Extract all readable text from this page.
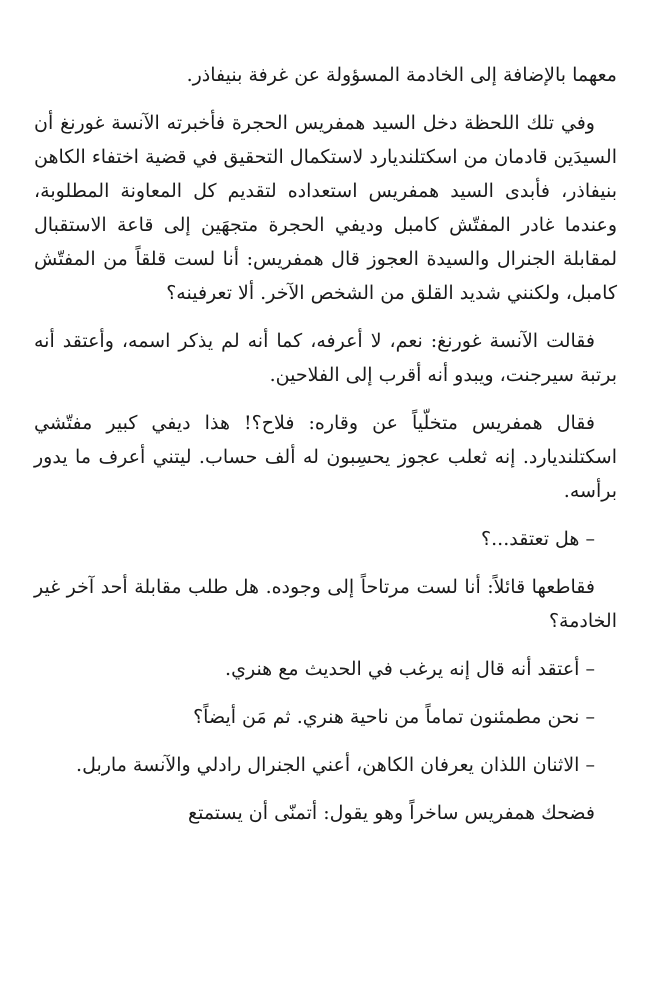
معهما بالإضافة إلى الخادمة المسؤولة عن غرفة بنيفاذر.

وفي تلك اللحظة دخل السيد همفريس الحجرة فأخبرته الآنسة غورنغ أن السيدَين قادمان من اسكتلنديارد لاستكمال التحقيق في قضية اختفاء الكاهن بنيفاذر، فأبدى السيد همفريس استعداده لتقديم كل المعاونة المطلوبة، وعندما غادر المفتّش كامبل وديفي الحجرة متجهَين إلى قاعة الاستقبال لمقابلة الجنرال والسيدة العجوز قال همفريس: أنا لست قلقاً من المفتّش كامبل، ولكنني شديد القلق من الشخص الآخر. ألا تعرفينه؟

فقالت الآنسة غورنغ: نعم، لا أعرفه، كما أنه لم يذكر اسمه، وأعتقد أنه برتبة سيرجنت، ويبدو أنه أقرب إلى الفلاحين.

فقال همفريس متخلّياً عن وقاره: فلاح؟! هذا ديفي كبير مفتّشي اسكتلنديارد. إنه ثعلب عجوز يحسِبون له ألف حساب. ليتني أعرف ما يدور برأسه.

– هل تعتقد...؟

فقاطعها قائلاً: أنا لست مرتاحاً إلى وجوده. هل طلب مقابلة أحد آخر غير الخادمة؟

– أعتقد أنه قال إنه يرغب في الحديث مع هنري.

– نحن مطمئنون تماماً من ناحية هنري. ثم مَن أيضاً؟

– الاثنان اللذان يعرفان الكاهن، أعني الجنرال رادلي والآنسة ماربل.

فضحك همفريس ساخراً وهو يقول: أتمنّى أن يستمتع
